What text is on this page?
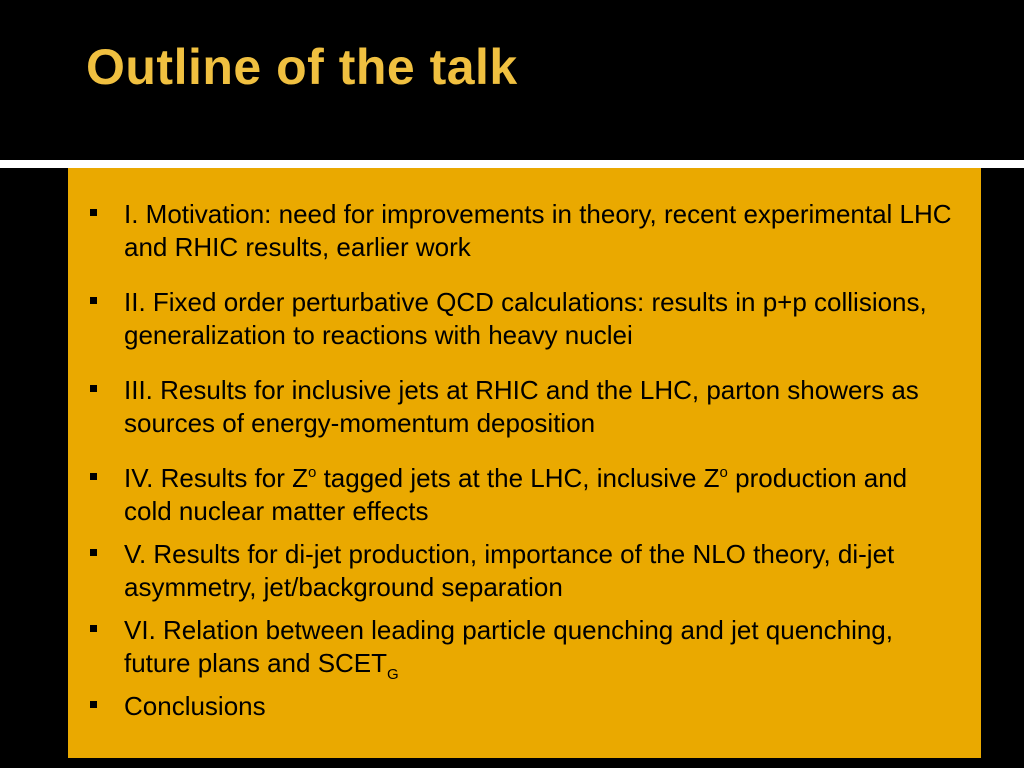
Outline of the talk
I. Motivation: need for improvements in theory, recent experimental LHC and RHIC results, earlier work
II. Fixed order perturbative QCD calculations: results in p+p collisions, generalization to reactions with heavy nuclei
III. Results for inclusive jets at RHIC and the LHC, parton showers as sources of energy-momentum deposition
IV. Results for $Z^o$ tagged jets at the LHC, inclusive $Z^o$ production and cold nuclear matter effects
V. Results for di-jet production, importance of the NLO theory, di-jet asymmetry, jet/background separation
VI. Relation between leading particle quenching and jet quenching, future plans and $SCET_G$
Conclusions
